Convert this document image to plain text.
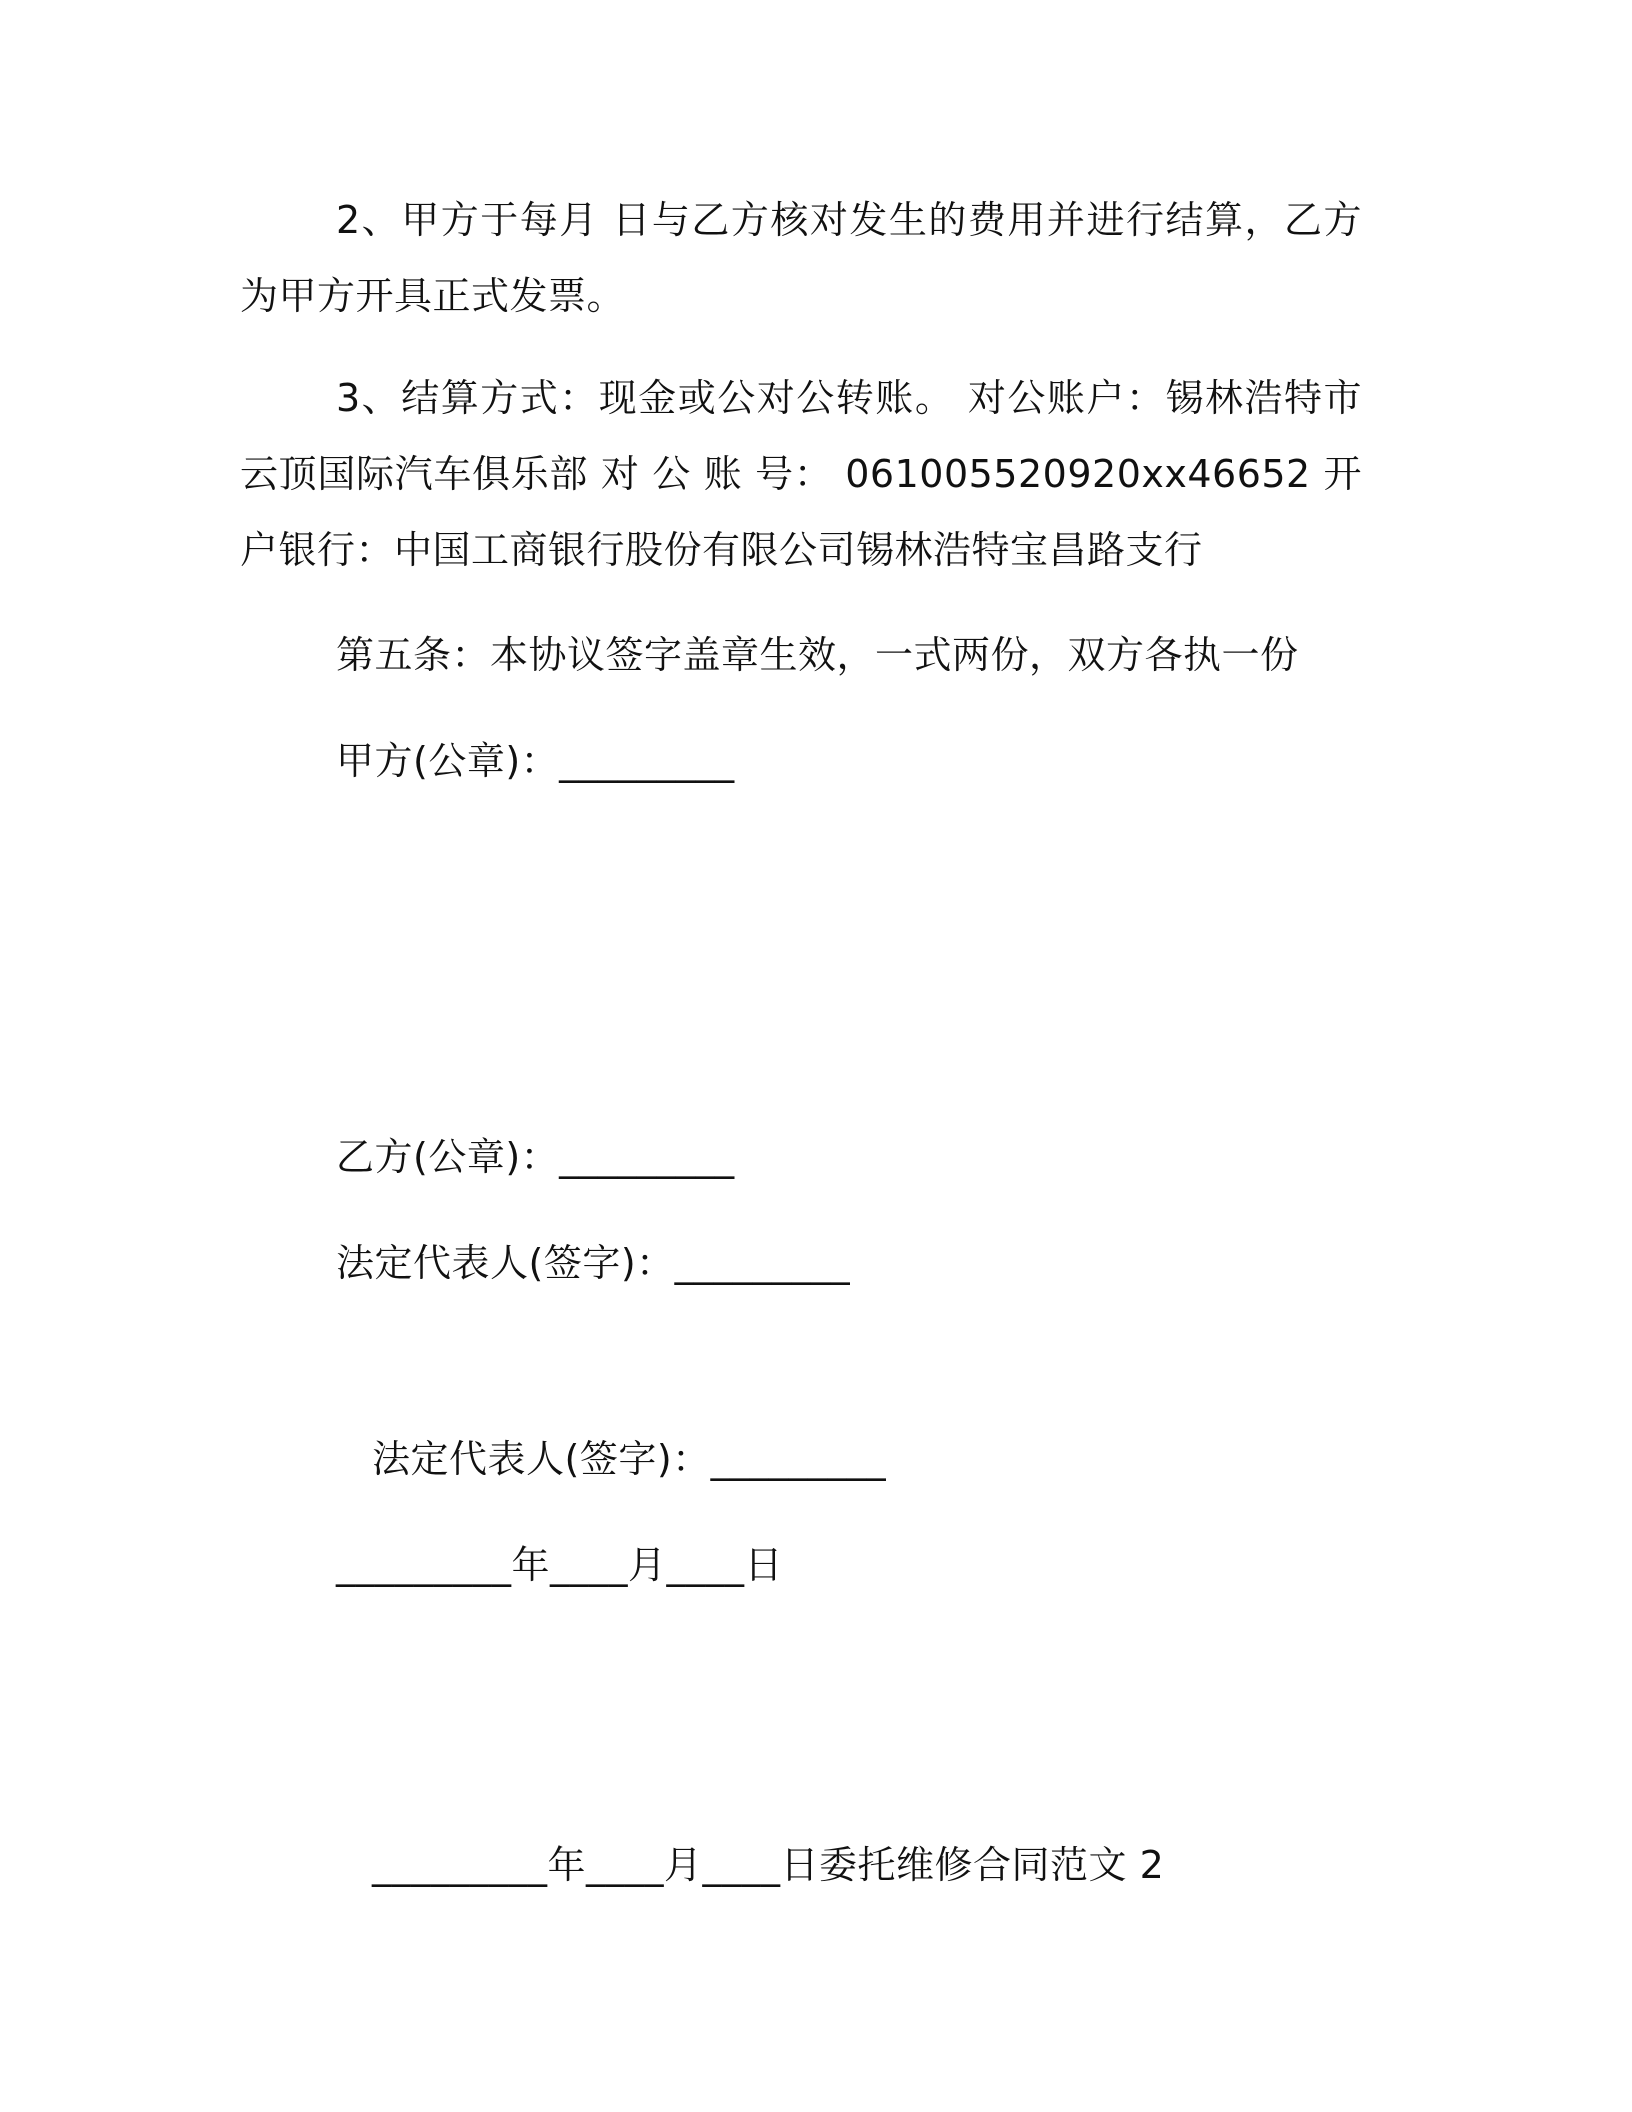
2、甲方于每月 日与乙方核对发生的费用并进行结算，乙方为甲方开具正式发票。
3、结算方式：现金或公对公转账。 对公账户：锡林浩特市云顶国际汽车俱乐部 对 公 账 号： 061005520920xx46652 开户银行：中国工商银行股份有限公司锡林浩特宝昌路支行
第五条：本协议签字盖章生效，一式两份，双方各执一份
甲方(公章)：_________
乙方(公章)：_________
法定代表人(签字)：_________
法定代表人(签字)：_________
_________年____月____日
_________年____月____日委托维修合同范文 2
